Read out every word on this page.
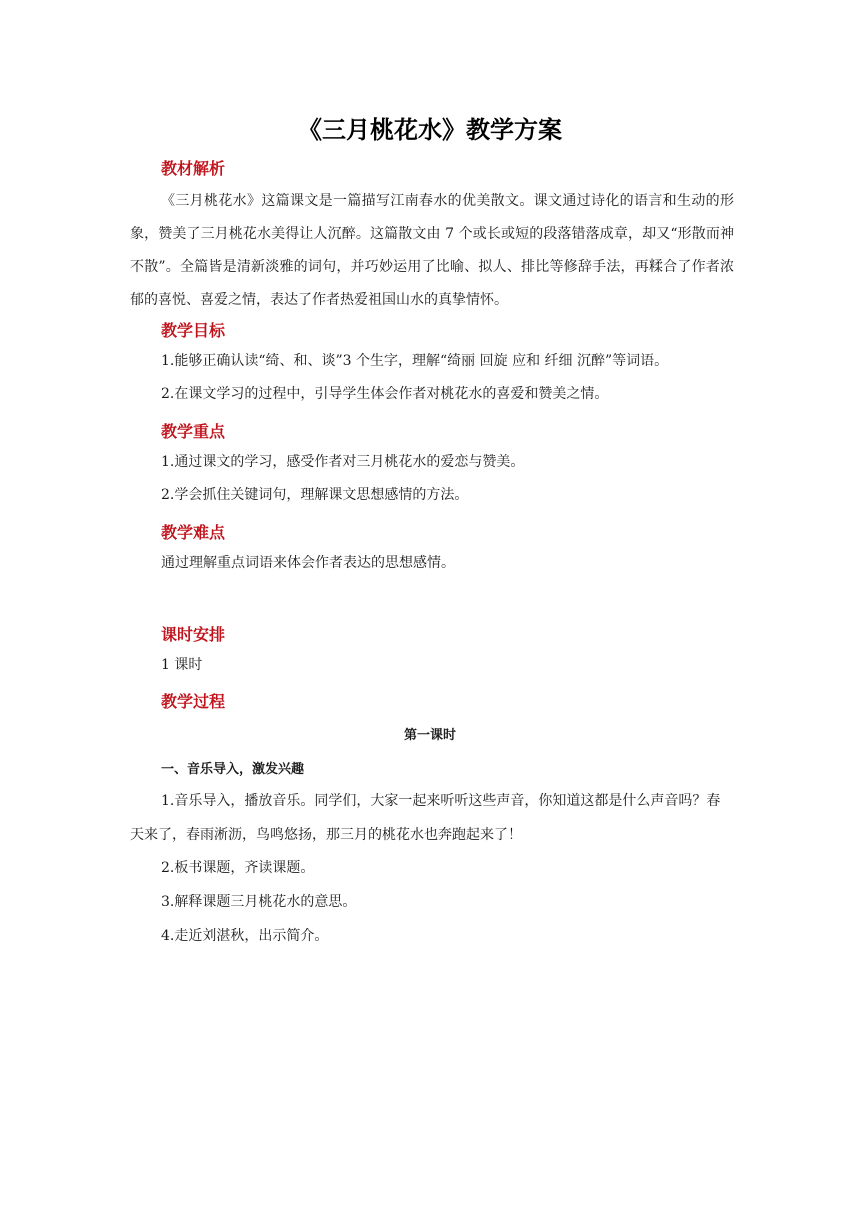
《三月桃花水》教学方案
教材解析
《三月桃花水》这篇课文是一篇描写江南春水的优美散文。课文通过诗化的语言和生动的形象，赞美了三月桃花水美得让人沉醉。这篇散文由 7 个或长或短的段落错落成章，却又“形散而神不散”。全篇皆是清新淡雅的词句，并巧妙运用了比喻、拟人、排比等修辞手法，再糅合了作者浓郁的喜悦、喜爱之情，表达了作者热爱祖国山水的真挚情怀。
教学目标
1.能够正确认读“绮、和、谈”3 个生字，理解“绮丽 回旋 应和 纤细 沉醉”等词语。
2.在课文学习的过程中，引导学生体会作者对桃花水的喜爱和赞美之情。
教学重点
1.通过课文的学习，感受作者对三月桃花水的爱恋与赞美。
2.学会抓住关键词句，理解课文思想感情的方法。
教学难点
通过理解重点词语来体会作者表达的思想感情。
课时安排
1 课时
教学过程
第一课时
一、音乐导入，激发兴趣
1.音乐导入，播放音乐。同学们，大家一起来听听这些声音，你知道这都是什么声音吗？春天来了，春雨淅沥，鸟鸣悠扬，那三月的桃花水也奔跑起来了！
2.板书课题，齐读课题。
3.解释课题三月桃花水的意思。
4.走近刘湛秋，出示简介。
